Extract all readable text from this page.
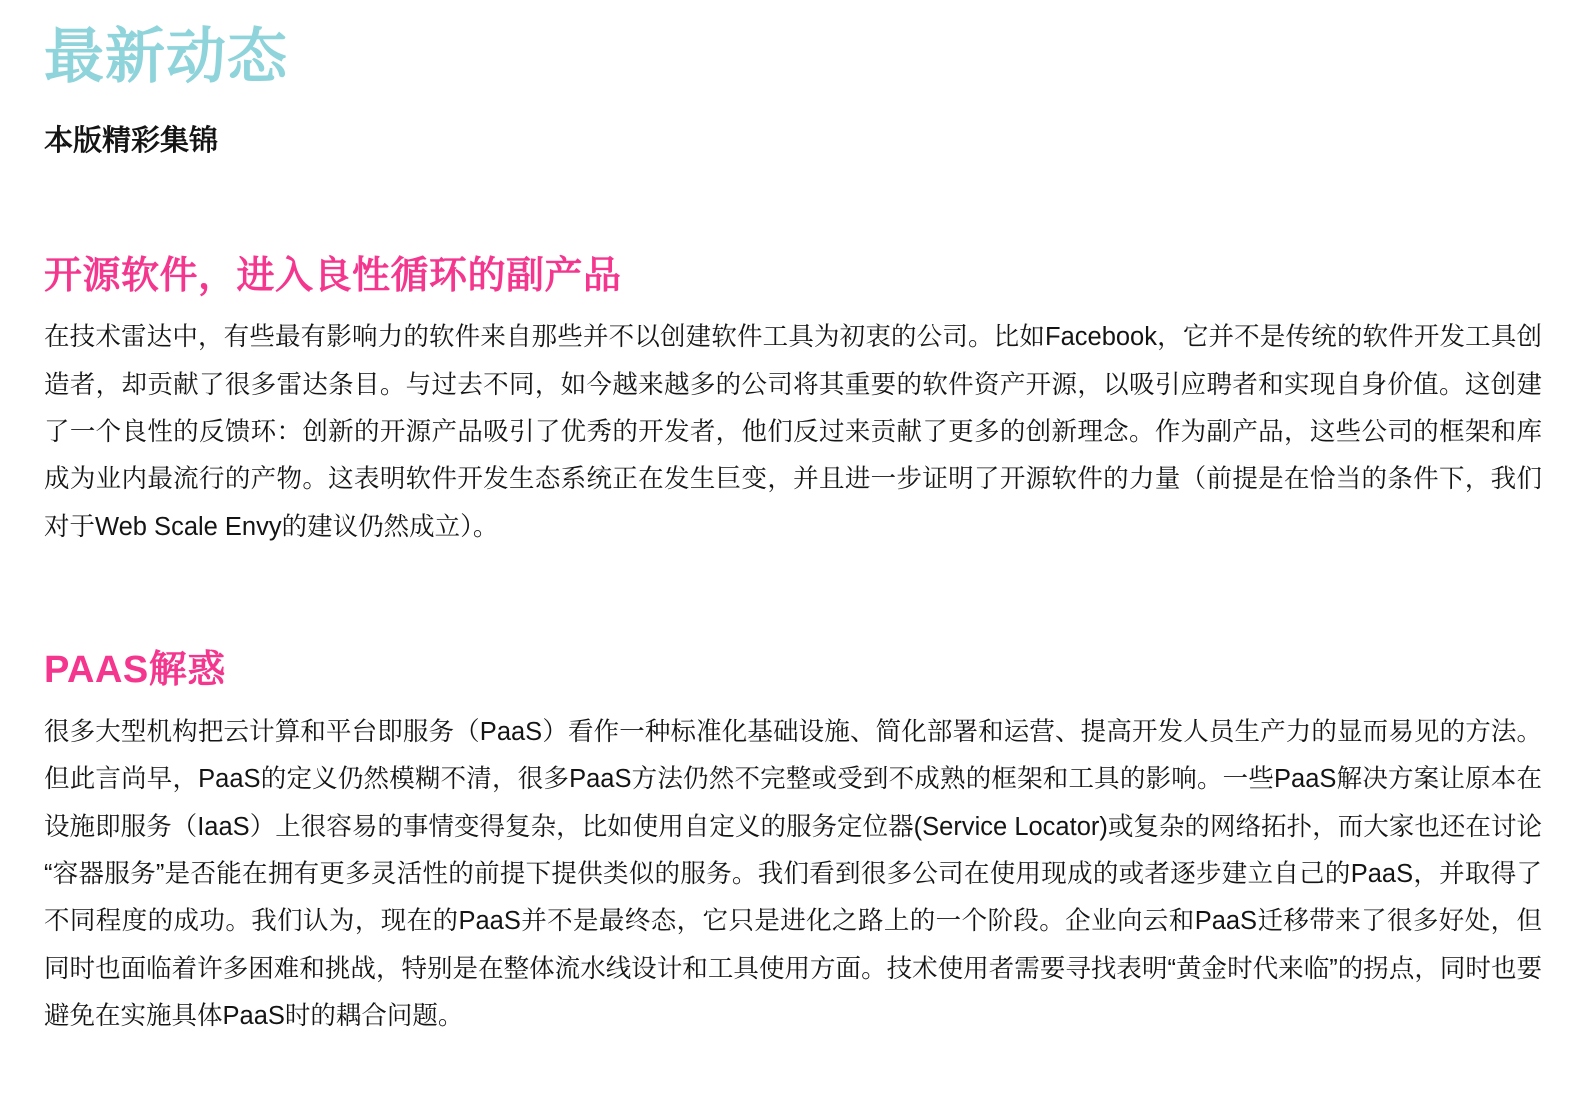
最新动态
本版精彩集锦
开源软件，进入良性循环的副产品

在技术雷达中，有些最有影响力的软件来自那些并不以创建软件工具为初衷的公司。比如Facebook，它并不是传统的软件开发工具创造者，却贡献了很多雷达条目。与过去不同，如今越来越多的公司将其重要的软件资产开源，以吸引应聘者和实现自身价值。这创建了一个良性的反馈环：创新的开源产品吸引了优秀的开发者，他们反过来贡献了更多的创新理念。作为副产品，这些公司的框架和库成为业内最流行的产物。这表明软件开发生态系统正在发生巨变，并且进一步证明了开源软件的力量（前提是在恰当的条件下，我们对于Web Scale Envy的建议仍然成立）。

PAAS解惑

很多大型机构把云计算和平台即服务（PaaS）看作一种标准化基础设施、简化部署和运营、提高开发人员生产力的显而易见的方法。但此言尚早，PaaS的定义仍然模糊不清，很多PaaS方法仍然不完整或受到不成熟的框架和工具的影响。一些PaaS解决方案让原本在设施即服务（IaaS）上很容易的事情变得复杂，比如使用自定义的服务定位器(Service Locator)或复杂的网络拓扑，而大家也还在讨论“容器服务”是否能在拥有更多灵活性的前提下提供类似的服务。我们看到很多公司在使用现成的或者逐步建立自己的PaaS，并取得了不同程度的成功。我们认为，现在的PaaS并不是最终态，它只是进化之路上的一个阶段。企业向云和PaaS迁移带来了很多好处，但同时也面临着许多困难和挑战，特别是在整体流水线设计和工具使用方面。技术使用者需要寻找表明“黄金时代来临”的拐点，同时也要避免在实施具体PaaS时的耦合问题。
